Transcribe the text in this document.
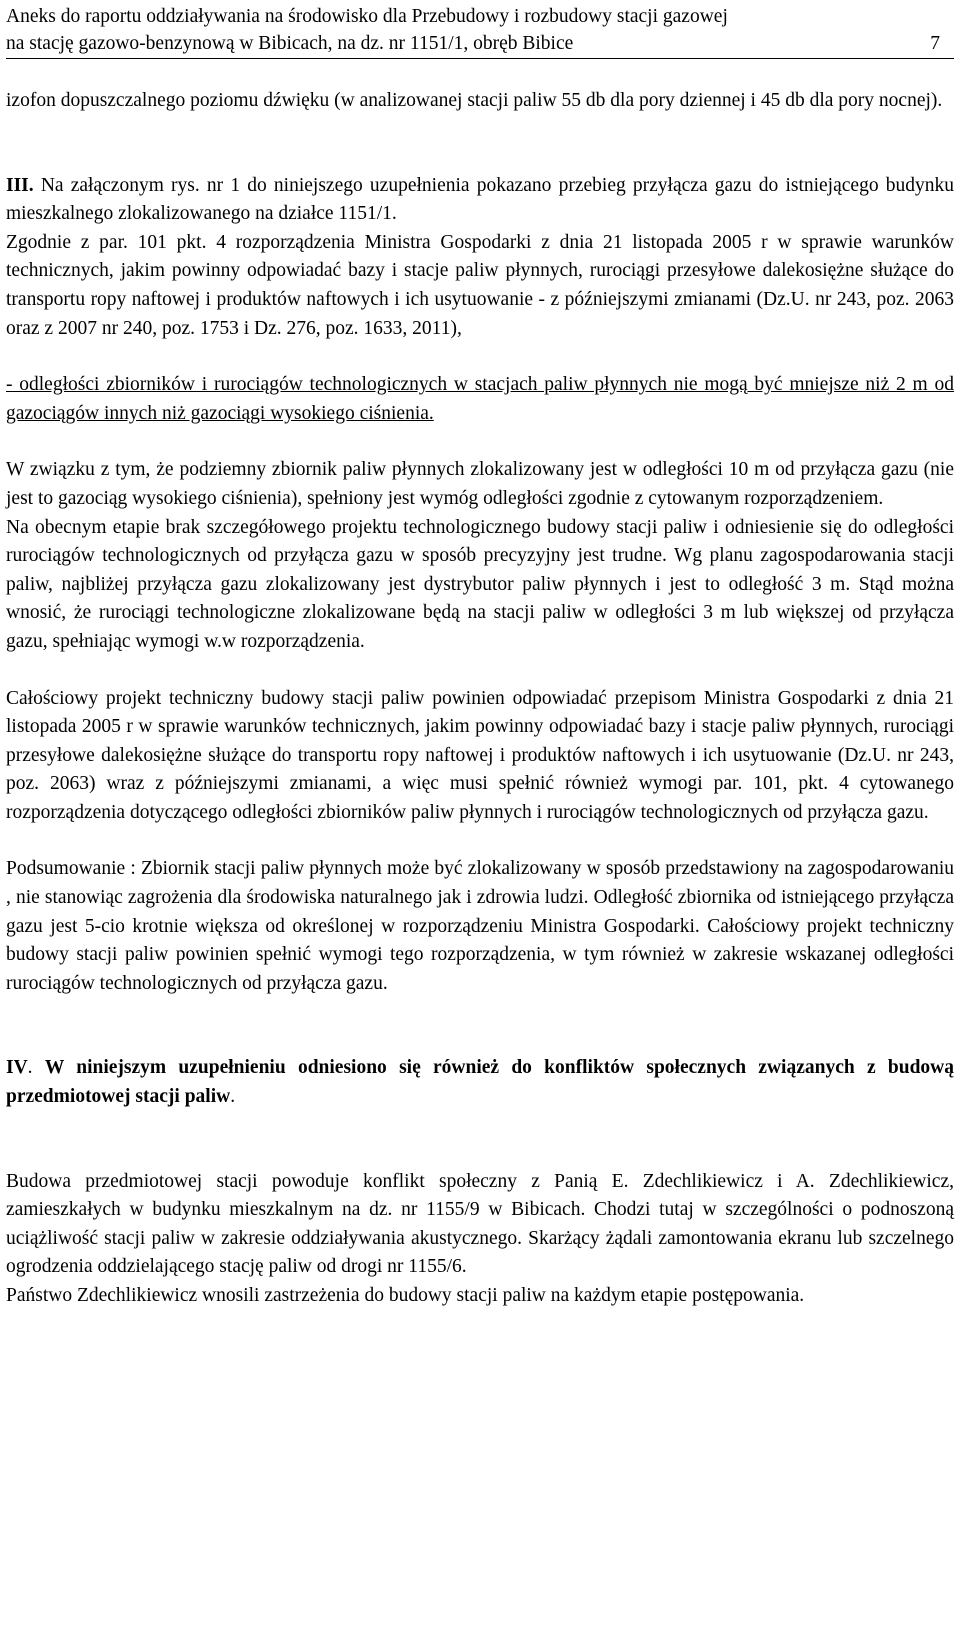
Aneks do raportu oddziaływania na środowisko dla Przebudowy i rozbudowy stacji gazowej
na stację gazowo-benzynową w Bibicach, na dz. nr 1151/1, obręb Bibice	7

izofon dopuszczalnego poziomu dźwięku (w analizowanej stacji paliw 55 db dla pory dziennej i 45 db dla pory nocnej).

III. Na załączonym rys. nr 1 do niniejszego uzupełnienia pokazano przebieg przyłącza gazu do istniejącego budynku mieszkalnego zlokalizowanego na działce 1151/1.

Zgodnie z par. 101 pkt. 4 rozporządzenia Ministra Gospodarki z dnia 21 listopada 2005 r w sprawie warunków technicznych, jakim powinny odpowiadać bazy i stacje paliw płynnych, rurociągi przesyłowe dalekosiężne służące do transportu ropy naftowej i produktów naftowych i ich usytuowanie - z późniejszymi zmianami (Dz.U. nr 243, poz. 2063 oraz z 2007 nr 240, poz. 1753 i Dz. 276, poz. 1633, 2011),

- odległości zbiorników i rurociągów technologicznych w stacjach paliw płynnych nie mogą być mniejsze niż 2 m od gazociągów innych niż gazociągi wysokiego ciśnienia.

W związku z tym, że podziemny zbiornik paliw płynnych zlokalizowany jest w odległości 10 m od przyłącza gazu (nie jest to gazociąg wysokiego ciśnienia), spełniony jest wymóg odległości zgodnie z cytowanym rozporządzeniem.

Na obecnym etapie brak szczegółowego projektu technologicznego budowy stacji paliw i odniesienie się do odległości rurociągów technologicznych od przyłącza gazu w sposób precyzyjny jest trudne. Wg planu zagospodarowania stacji paliw, najbliżej przyłącza gazu zlokalizowany jest dystrybutor paliw płynnych i jest to odległość 3 m. Stąd można wnosić, że rurociągi technologiczne zlokalizowane będą na stacji paliw w odległości 3 m lub większej od przyłącza gazu, spełniając wymogi w.w rozporządzenia.

Całościowy projekt techniczny budowy stacji paliw powinien odpowiadać przepisom Ministra Gospodarki z dnia 21 listopada 2005 r w sprawie warunków technicznych, jakim powinny odpowiadać bazy i stacje paliw płynnych, rurociągi przesyłowe dalekosiężne służące do transportu ropy naftowej i produktów naftowych i ich usytuowanie (Dz.U. nr 243, poz. 2063) wraz z późniejszymi zmianami, a więc musi spełnić również wymogi par. 101, pkt. 4 cytowanego rozporządzenia dotyczącego odległości zbiorników paliw płynnych i rurociągów technologicznych od przyłącza gazu.

Podsumowanie : Zbiornik stacji paliw płynnych może być zlokalizowany w sposób przedstawiony na zagospodarowaniu , nie stanowiąc zagrożenia dla środowiska naturalnego jak i zdrowia ludzi. Odległość zbiornika od istniejącego przyłącza gazu jest 5-cio krotnie większa od określonej w rozporządzeniu Ministra Gospodarki. Całościowy projekt techniczny budowy stacji paliw powinien spełnić wymogi tego rozporządzenia, w tym również w zakresie wskazanej odległości rurociągów technologicznych od przyłącza gazu.

IV. W niniejszym uzupełnieniu odniesiono się również do konfliktów społecznych związanych z budową przedmiotowej stacji paliw.

Budowa przedmiotowej stacji powoduje konflikt społeczny z Panią E. Zdechlikiewicz i A. Zdechlikiewicz, zamieszkałych w budynku mieszkalnym na dz. nr 1155/9 w Bibicach. Chodzi tutaj w szczególności o podnoszoną uciążliwość stacji paliw w zakresie oddziaływania akustycznego. Skarżący żądali zamontowania ekranu lub szczelnego ogrodzenia oddzielającego stację paliw od drogi nr 1155/6.

Państwo Zdechlikiewicz wnosili zastrzeżenia do budowy stacji paliw na każdym etapie postępowania.
